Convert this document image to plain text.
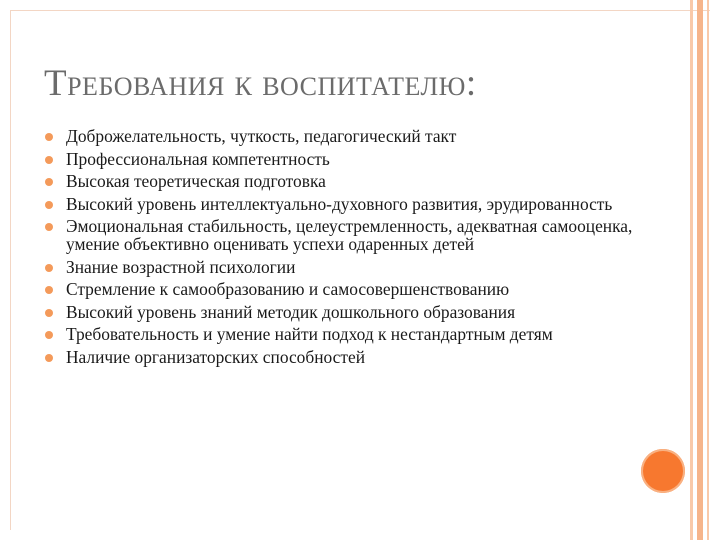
Требования к воспитателю:
Доброжелательность, чуткость, педагогический такт
Профессиональная компетентность
Высокая теоретическая подготовка
Высокий уровень интеллектуально-духовного развития, эрудированность
Эмоциональная стабильность, целеустремленность, адекватная самооценка, умение объективно оценивать успехи одаренных детей
Знание возрастной психологии
Стремление к самообразованию и самосовершенствованию
Высокий уровень знаний методик дошкольного образования
Требовательность и умение найти подход к нестандартным детям
Наличие организаторских способностей
